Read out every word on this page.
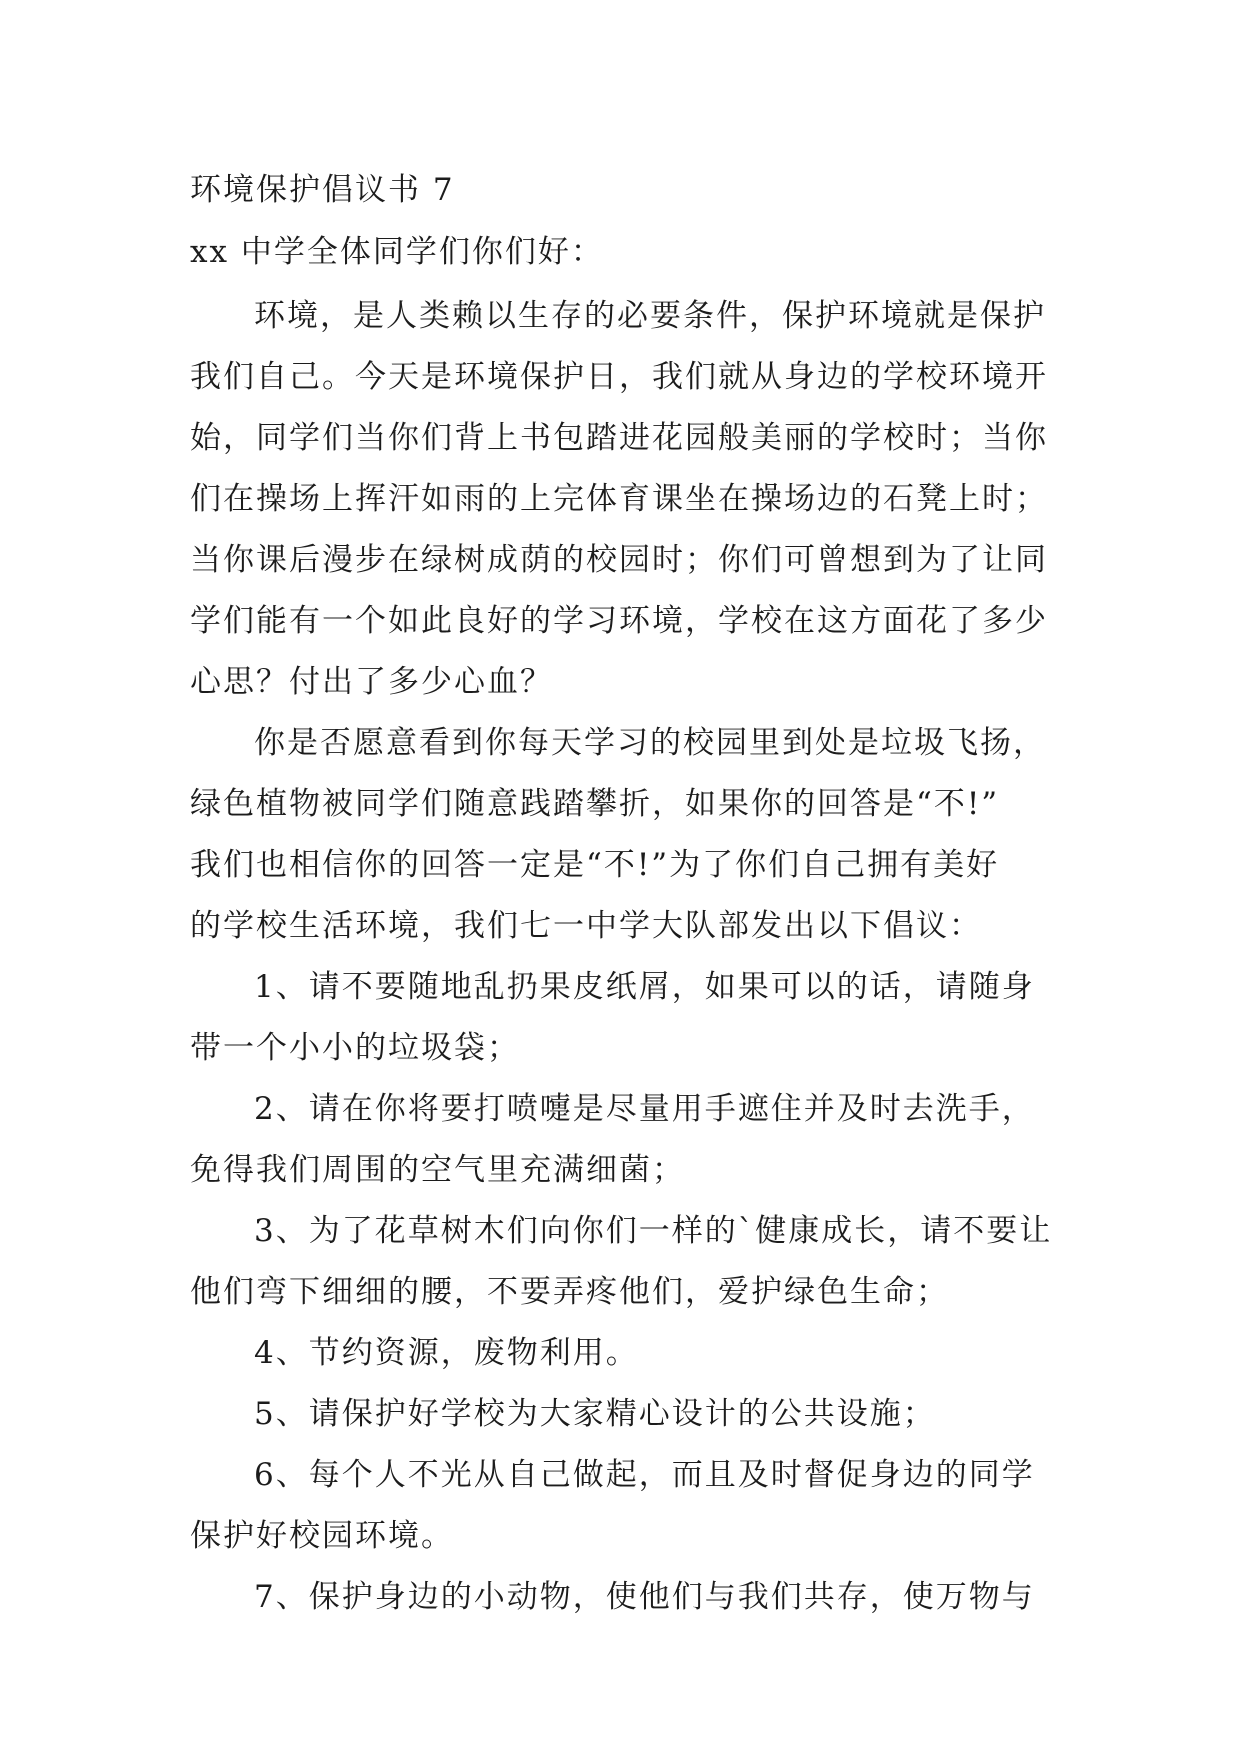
环境保护倡议书 7
xx 中学全体同学们你们好：
环境，是人类赖以生存的必要条件，保护环境就是保护
我们自己。今天是环境保护日，我们就从身边的学校环境开
始，同学们当你们背上书包踏进花园般美丽的学校时；当你
们在操场上挥汗如雨的上完体育课坐在操场边的石凳上时；
当你课后漫步在绿树成荫的校园时；你们可曾想到为了让同
学们能有一个如此良好的学习环境，学校在这方面花了多少
心思？付出了多少心血？
你是否愿意看到你每天学习的校园里到处是垃圾飞扬，
绿色植物被同学们随意践踏攀折，如果你的回答是“不!”
我们也相信你的回答一定是“不!”为了你们自己拥有美好
的学校生活环境，我们七一中学大队部发出以下倡议：
1、请不要随地乱扔果皮纸屑，如果可以的话，请随身
带一个小小的垃圾袋；
2、请在你将要打喷嚏是尽量用手遮住并及时去洗手，
免得我们周围的空气里充满细菌；
3、为了花草树木们向你们一样的`健康成长，请不要让
他们弯下细细的腰，不要弄疼他们，爱护绿色生命；
4、节约资源，废物利用。
5、请保护好学校为大家精心设计的公共设施；
6、每个人不光从自己做起，而且及时督促身边的同学
保护好校园环境。
7、保护身边的小动物，使他们与我们共存，使万物与
